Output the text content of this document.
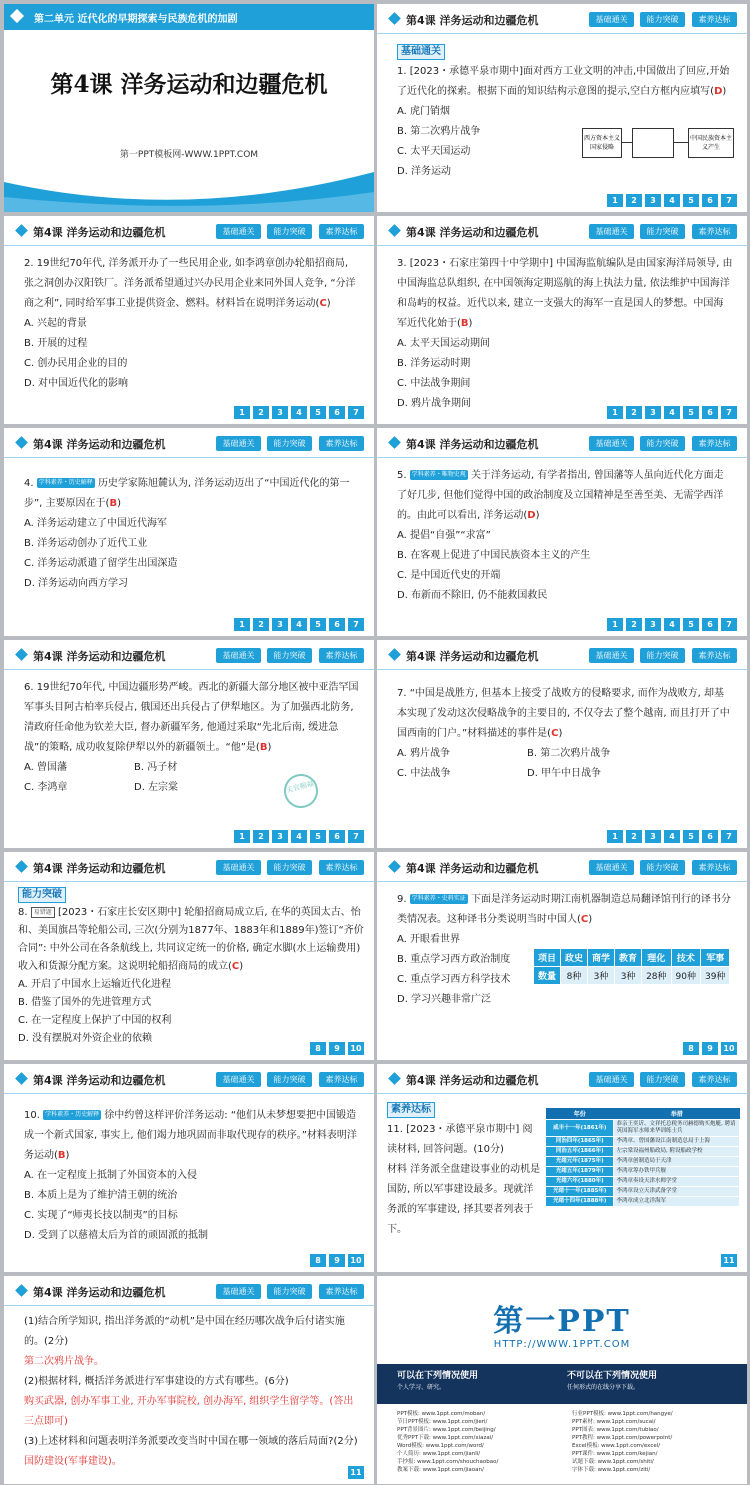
第二单元 近代化的早期探索与民族危机的加剧
第4课 洋务运动和边疆危机
第一PPT模板网-WWW.1PPT.COM
第4课 洋务运动和边疆危机	基础通关	能力突破	素养达标
基础通关

1. [2023・承德平泉市期中]面对西方工业文明的冲击,中国做出了回应,开始了近代化的探索。根据下面的知识结构示意图的提示,空白方框内应填写(D)

A. 虎门销烟

B. 第二次鸦片战争

C. 太平天国运动

D. 洋务运动

西方资本主义国家侵略
中国民族资本主义产生
1	2	3	4	5	6	7
第4课 洋务运动和边疆危机	基础通关	能力突破	素养达标

2. 19世纪70年代, 洋务派开办了一些民用企业, 如李鸿章创办轮船招商局, 张之洞创办汉阳铁厂。洋务派希望通过兴办民用企业来同外国人竞争, “分洋商之利”, 同时给军事工业提供资金、燃料。材料旨在说明洋务运动(C)

A. 兴起的背景

B. 开展的过程

C. 创办民用企业的目的

D. 对中国近代化的影响

1	2	3	4	5	6	7
第4课 洋务运动和边疆危机	基础通关	能力突破	素养达标

3. [2023・石家庄第四十中学期中] 中国海监航编队是由国家海洋局领导, 由中国海监总队组织, 在中国领海定期巡航的海上执法力量, 依法维护中国海洋和岛屿的权益。近代以来, 建立一支强大的海军一直是国人的梦想。中国海军近代化始于(B)

A. 太平天国运动期间

B. 洋务运动时期

C. 中法战争期间

D. 鸦片战争期间

1	2	3	4	5	6	7
第4课 洋务运动和边疆危机	基础通关	能力突破	素养达标

4. 学科素养・历史解释 历史学家陈旭麓认为, 洋务运动迈出了“中国近代化的第一步”, 主要原因在于(B)

A. 洋务运动建立了中国近代海军

B. 洋务运动创办了近代工业

C. 洋务运动派遣了留学生出国深造

D. 洋务运动向西方学习

1	2	3	4	5	6	7
第4课 洋务运动和边疆危机	基础通关	能力突破	素养达标

5. 学科素养・唯物史观 关于洋务运动, 有学者指出, 曾国藩等人虽向近代化方面走了好几步, 但他们觉得中国的政治制度及立国精神是至善至美、无需学西洋的。由此可以看出, 洋务运动(D)

A. 提倡“自强”“求富”

B. 在客观上促进了中国民族资本主义的产生

C. 是中国近代史的开端

D. 布新而不除旧, 仍不能救国救民

1	2	3	4	5	6	7
第4课 洋务运动和边疆危机	基础通关	能力突破	素养达标

6. 19世纪70年代, 中国边疆形势严峻。西北的新疆大部分地区被中亚浩罕国军事头目阿古柏率兵侵占, 俄国还出兵侵占了伊犁地区。为了加强西北防务, 清政府任命他为钦差大臣, 督办新疆军务, 他通过采取“先北后南, 缓进急战”的策略, 成功收复除伊犁以外的新疆领土。“他”是(B)

A. 曾国藩	B. 冯子材

C. 李鸿章	D. 左宗棠	天官赐福
1	2	3	4	5	6	7
第4课 洋务运动和边疆危机	基础通关	能力突破	素养达标

7. “中国是战胜方, 但基本上接受了战败方的侵略要求, 而作为战败方, 却基本实现了发动这次侵略战争的主要目的, 不仅夺去了整个越南, 而且打开了中国西南的门户。”材料描述的事件是(C)

A. 鸦片战争	B. 第二次鸦片战争

C. 中法战争	D. 甲午中日战争

1	2	3	4	5	6	7
第4课 洋务运动和边疆危机	基础通关	能力突破	素养达标
能力突破

8. 易错题 [2023・石家庄长安区期中] 轮船招商局成立后, 在华的英国太古、怡和、美国旗昌等轮船公司, 三次(分别为1877年、1883年和1889年)签订“齐价合同”: 中外公司在各条航线上, 共同议定统一的价格, 确定水脚(水上运输费用)收入和货源分配方案。这说明轮船招商局的成立(C)

A. 开启了中国水上运输近代化进程

B. 借鉴了国外的先进管理方式

C. 在一定程度上保护了中国的权利

D. 没有摆脱对外资企业的依赖

8	9	10
第4课 洋务运动和边疆危机	基础通关	能力突破	素养达标

9. 学科素养・史料实证 下面是洋务运动时期江南机器制造总局翻译馆刊行的译书分类情况表。这种译书分类说明当时中国人(C)

A. 开眼看世界

B. 重点学习西方政治制度

C. 重点学习西方科学技术

D. 学习兴趣非常广泛

项目	政史	商学	教育	理化	技术	军事
数量	8种	3种	3种	28种	90种	39种
8	9	10
第4课 洋务运动和边疆危机	基础通关	能力突破	素养达标

10. 学科素养・历史解释 徐中约曾这样评价洋务运动: “他们从未梦想要把中国锻造成一个新式国家, 事实上, 他们竭力地巩固而非取代现存的秩序。”材料表明洋务运动(B)

A. 在一定程度上抵制了外国资本的入侵

B. 本质上是为了维护清王朝的统治

C. 实现了“师夷长技以制夷”的目标

D. 受到了以慈禧太后为首的顽固派的抵制

8	9	10
第4课 洋务运动和边疆危机	基础通关	能力突破	素养达标
素养达标

11. [2023・承德平泉市期中] 阅读材料, 回答问题。(10分)

材料 洋务派全盘建设事业的动机是国防, 所以军事建设最多。现就洋务派的军事建设, 择其要者列表于下。

年份	举措
咸丰十一年(1861年)	恭亲王奕䜣、文祥托总税务司赫德购买炮艇, 聘请英国海军水师来华训练士兵
同治四年(1865年)	李鸿章、曾国藩设江南制造总局于上海
同治五年(1866年)	左宗棠设福州船政局, 附设船政学校
光绪元年(1875年)	李鸿章创制造局于天津
光绪五年(1879年)	李鸿章筹办铁甲兵舰
光绪六年(1880年)	李鸿章奏设天津水师学堂
光绪十一年(1885年)	李鸿章设立天津武备学堂
光绪十四年(1888年)	李鸿章成立北洋海军
11
第4课 洋务运动和边疆危机	基础通关	能力突破	素养达标

(1)结合所学知识, 指出洋务派的“动机”是中国在经历哪次战争后付诸实施的。(2分)

第二次鸦片战争。

(2)根据材料, 概括洋务派进行军事建设的方式有哪些。(6分)

购买武器, 创办军事工业, 开办军事院校, 创办海军, 组织学生留学等。(答出三点即可)

(3)上述材料和问题表明洋务派要改变当时中国在哪一领域的落后局面?(2分) 国防建设(军事建设)。

11
第一PPT
HTTP://WWW.1PPT.COM
可以在下列情况使用
个人学习、研究。
不可以在下列情况使用
任何形式的在线分享下载。
PPT模板: www.1ppt.com/moban/	行业PPT模板: www.1ppt.com/hangye/
节日PPT模板: www.1ppt.com/jieri/	PPT素材: www.1ppt.com/sucai/
PPT背景图片: www.1ppt.com/beijing/	PPT图表: www.1ppt.com/tubiao/
优秀PPT下载: www.1ppt.com/xiazai/	PPT教程: www.1ppt.com/powerpoint/
Word模板: www.1ppt.com/word/	Excel模板: www.1ppt.com/excel/
个人简历: www.1ppt.com/jianli/	PPT课件: www.1ppt.com/kejian/
手抄报: www.1ppt.com/shouchaobao/	试题下载: www.1ppt.com/shiti/
教案下载: www.1ppt.com/jiaoan/	字体下载: www.1ppt.com/ziti/
